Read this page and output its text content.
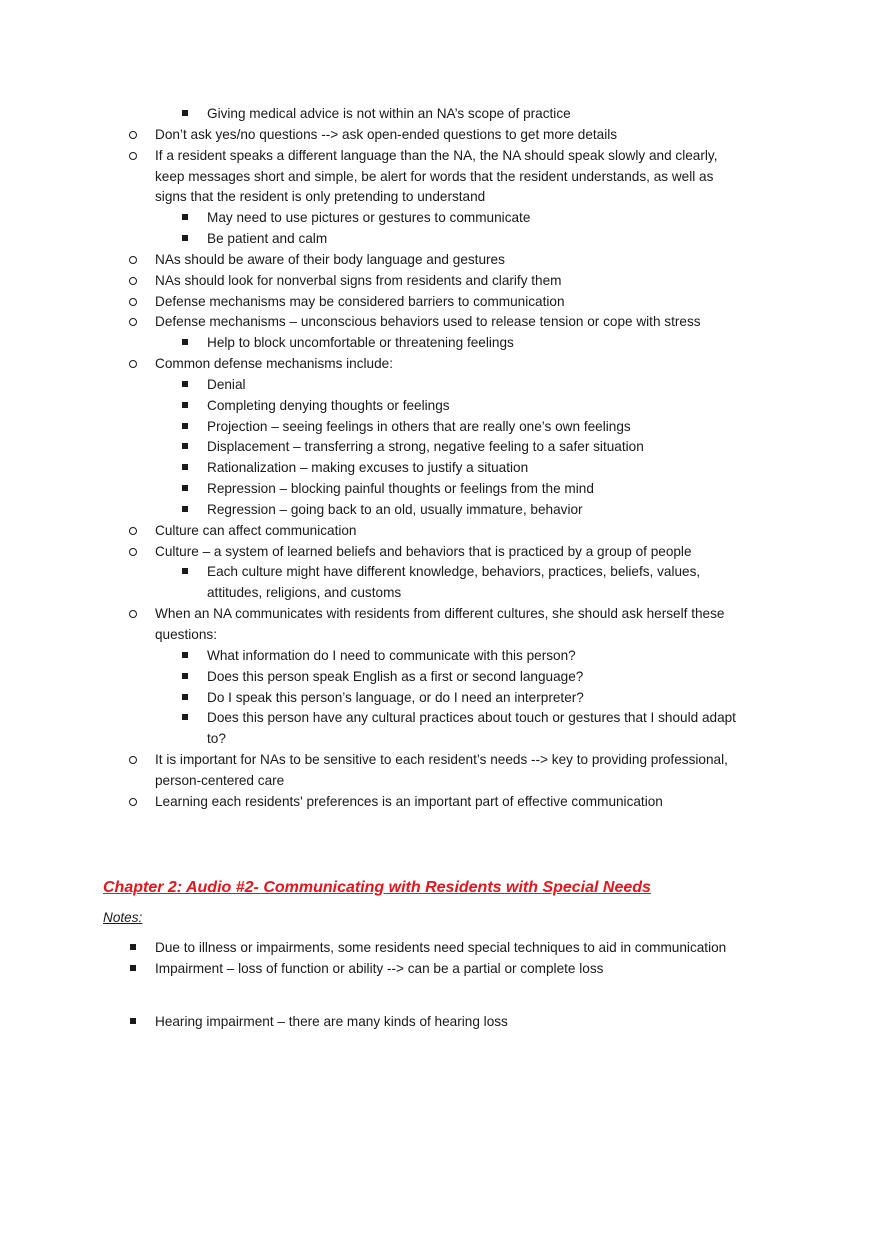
Giving medical advice is not within an NA’s scope of practice
Don’t ask yes/no questions --> ask open-ended questions to get more details
If a resident speaks a different language than the NA, the NA should speak slowly and clearly,
keep messages short and simple, be alert for words that the resident understands, as well as
signs that the resident is only pretending to understand
May need to use pictures or gestures to communicate
Be patient and calm
NAs should be aware of their body language and gestures
NAs should look for nonverbal signs from residents and clarify them
Defense mechanisms may be considered barriers to communication
Defense mechanisms – unconscious behaviors used to release tension or cope with stress
Help to block uncomfortable or threatening feelings
Common defense mechanisms include:
Denial
Completing denying thoughts or feelings
Projection – seeing feelings in others that are really one’s own feelings
Displacement – transferring a strong, negative feeling to a safer situation
Rationalization – making excuses to justify a situation
Repression – blocking painful thoughts or feelings from the mind
Regression – going back to an old, usually immature, behavior
Culture can affect communication
Culture – a system of learned beliefs and behaviors that is practiced by a group of people
Each culture might have different knowledge, behaviors, practices, beliefs, values,
attitudes, religions, and customs
When an NA communicates with residents from different cultures, she should ask herself these
questions:
What information do I need to communicate with this person?
Does this person speak English as a first or second language?
Do I speak this person’s language, or do I need an interpreter?
Does this person have any cultural practices about touch or gestures that I should adapt
to?
It is important for NAs to be sensitive to each resident’s needs --> key to providing professional,
person-centered care
Learning each residents' preferences is an important part of effective communication
Chapter 2: Audio #2- Communicating with Residents with Special Needs
Notes:
Due to illness or impairments, some residents need special techniques to aid in communication
Impairment – loss of function or ability --> can be a partial or complete loss
Hearing impairment – there are many kinds of hearing loss
